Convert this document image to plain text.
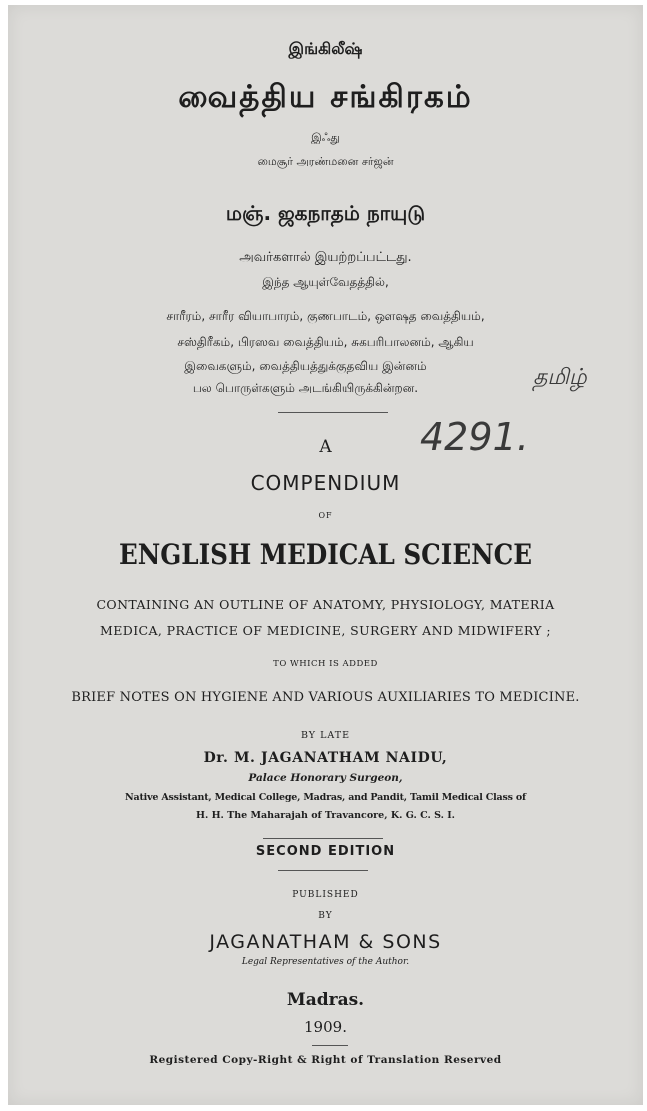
இங்கிலீஷ்
வைத்திய சங்கிரகம்
இஃது
மைசூர் அரண்மனை சர்ஜன்
மஞ். ஜகநாதம் நாயுடு
அவர்களால் இயற்றப்பட்டது.
இந்த ஆயுள்வேதத்தில்,
சாரீரம், சாரீர வியாபாரம், குணபாடம், ஔஷத வைத்தியம்,
சஸ்திரீகம், பிரஸவ வைத்தியம், சுகபரிபாலனம், ஆகிய
இவைகளும், வைத்தியத்துக்குதவிய இன்னம்
பல பொருள்களும் அடங்கியிருக்கின்றன.	தமிழ்
4291.
A
COMPENDIUM
OF
ENGLISH MEDICAL SCIENCE
CONTAINING AN OUTLINE OF ANATOMY, PHYSIOLOGY, MATERIA
MEDICA, PRACTICE OF MEDICINE, SURGERY AND MIDWIFERY ;
TO WHICH IS ADDED
BRIEF NOTES ON HYGIENE AND VARIOUS AUXILIARIES TO MEDICINE.
BY LATE
Dr. M. JAGANATHAM NAIDU,
Palace Honorary Surgeon,
Native Assistant, Medical College, Madras, and Pandit, Tamil Medical Class of
H. H. The Maharajah of Travancore, K. G. C. S. I.
SECOND EDITION
PUBLISHED
BY
JAGANATHAM & SONS
Legal Representatives of the Author.
Madras.
1909.
Registered Copy-Right & Right of Translation Reserved
